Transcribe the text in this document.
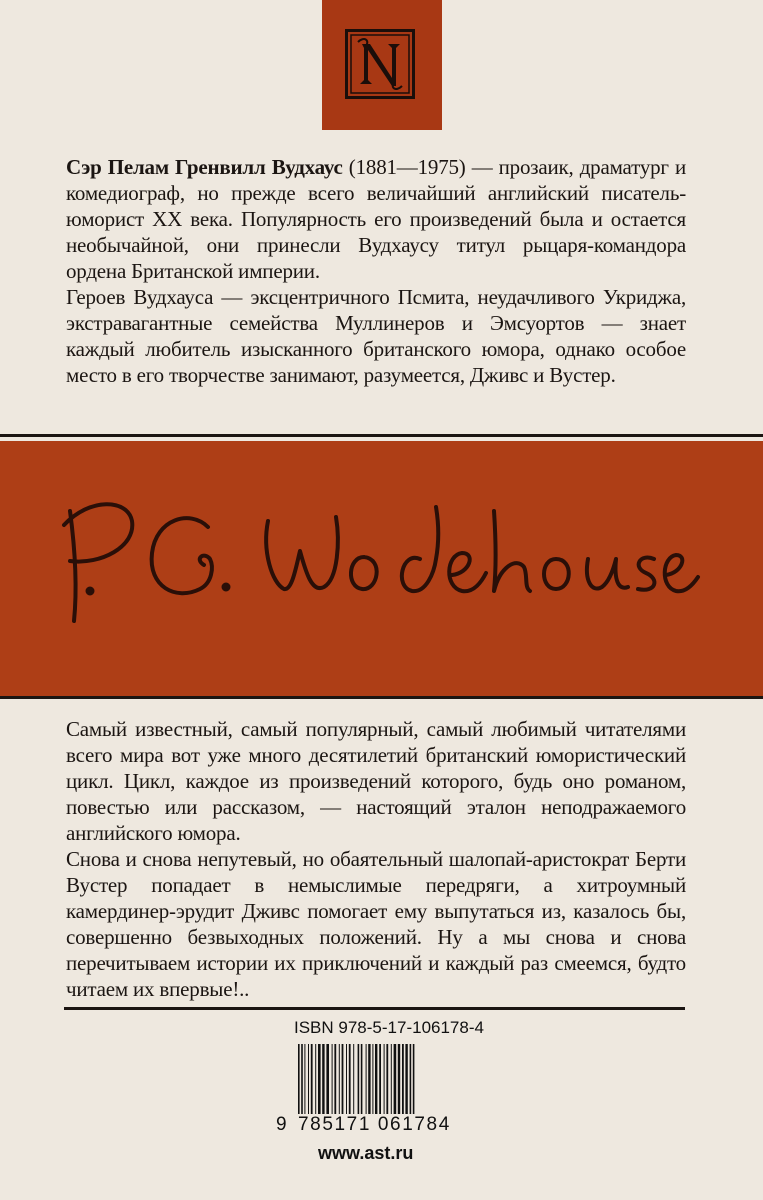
Сэр Пелам Гренвилл Вудхаус (1881—1975) — прозаик, драматург и комедиограф, но прежде всего величайший английский писатель-юморист XX века. Популярность его произведений была и остается необычайной, они принесли Вудхаусу титул рыцаря-командора ордена Британской империи.

Героев Вудхауса — эксцентричного Псмита, неудачливого Укриджа, экстравагантные семейства Муллинеров и Эмсуортов — знает каждый любитель изысканного британского юмора, однако особое место в его творчестве занимают, разумеется, Дживс и Вустер.

Самый известный, самый популярный, самый любимый читателями всего мира вот уже много десятилетий британский юмористический цикл. Цикл, каждое из произведений которого, будь оно романом, повестью или рассказом, — настоящий эталон неподражаемого английского юмора.

Снова и снова непутевый, но обаятельный шалопай-аристократ Берти Вустер попадает в немыслимые передряги, а хитроумный камердинер-эрудит Дживс помогает ему выпутаться из, казалось бы, совершенно безвыходных положений. Ну а мы снова и снова перечитываем истории их приключений и каждый раз смеемся, будто читаем их впервые!..

ISBN 978-5-17-106178-4
9 785171 061784
www.ast.ru
